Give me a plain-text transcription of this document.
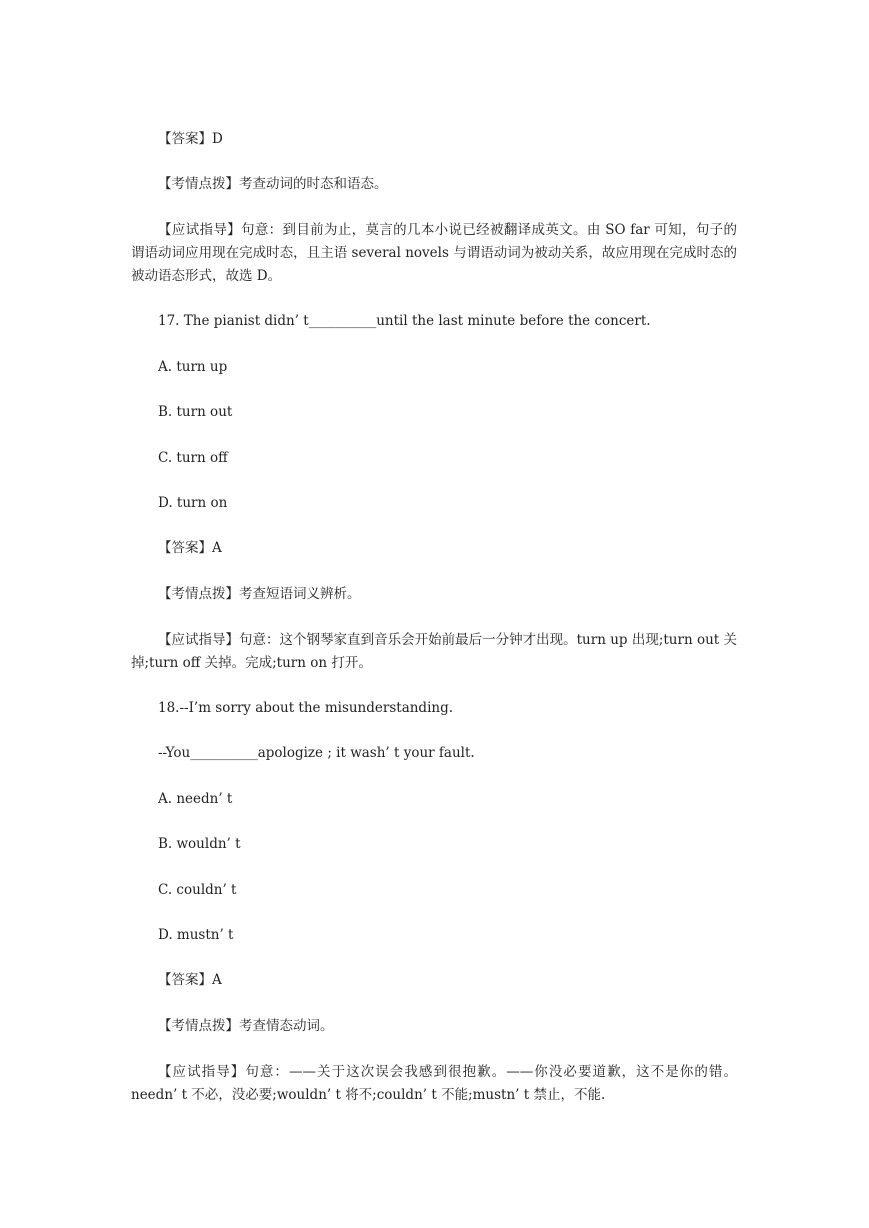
【答案】D
【考情点拨】考查动词的时态和语态。
【应试指导】句意：到目前为止，莫言的几本小说已经被翻译成英文。由 SO far 可知，句子的谓语动词应用现在完成时态，且主语 several novels 与谓语动词为被动关系，故应用现在完成时态的被动语态形式，故选 D。
17. The pianist didn’ t__________until the last minute before the concert.
A. turn up
B. turn out
C. turn off
D. turn on
【答案】A
【考情点拨】考查短语词义辨析。
【应试指导】句意：这个钢琴家直到音乐会开始前最后一分钟才出现。turn up 出现;turn out 关掉;turn off 关掉。完成;turn on 打开。
18.--I’m sorry about the misunderstanding.
--You__________apologize ; it wash’ t your fault.
A. needn’ t
B. wouldn’ t
C. couldn’ t
D. mustn’ t
【答案】A
【考情点拨】考查情态动词。
【应试指导】句意：——关于这次误会我感到很抱歉。——你没必要道歉，这不是你的错。needn’ t 不必，没必要;wouldn’ t 将不;couldn’ t 不能;mustn’ t 禁止，不能.
